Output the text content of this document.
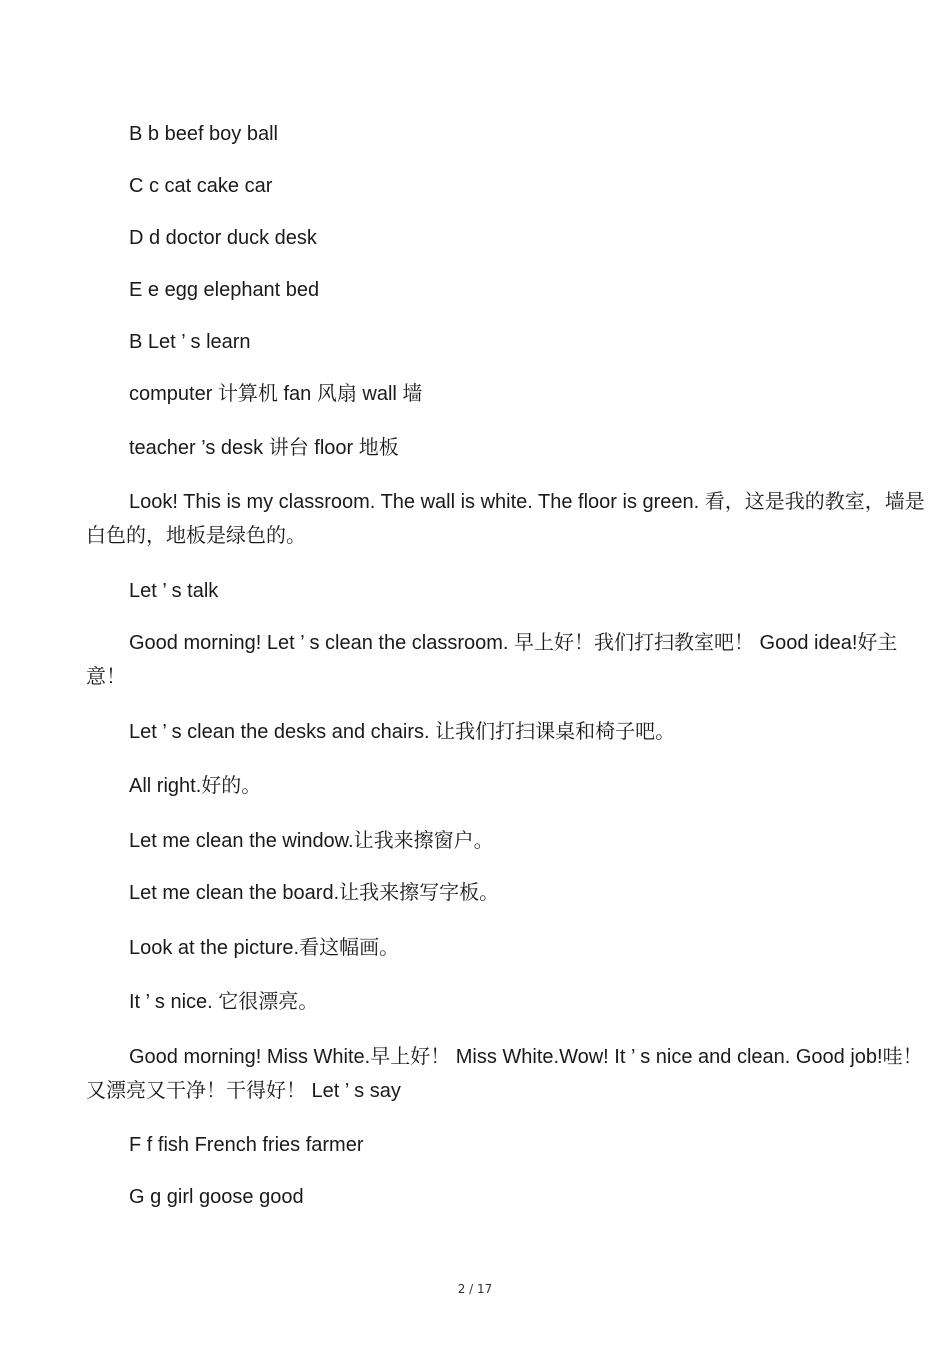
B b beef boy ball
C c cat cake car
D d doctor duck desk
E e egg elephant bed
B Let ’ s learn
computer 计算机 fan 风扇 wall 墙
teacher ’s desk 讲台 floor 地板
Look! This is my classroom. The wall is white. The floor is green. 看，这是我的教室，墙是白色的，地板是绿色的。
Let ’ s talk
Good morning! Let ’ s clean the classroom. 早上好！我们打扫教室吧！ Good idea!好主意！
Let ’ s clean the desks and chairs. 让我们打扫课桌和椅子吧。
All right.好的。
Let me clean the window.让我来擦窗户。
Let me clean the board.让我来擦写字板。
Look at the picture.看这幅画。
It ’ s nice. 它很漂亮。
Good morning! Miss White.早上好！ Miss White.Wow! It ’ s nice and clean. Good job!哇！又漂亮又干净！干得好！ Let ’ s say
F f fish French fries farmer
G g girl goose good
2 / 17
